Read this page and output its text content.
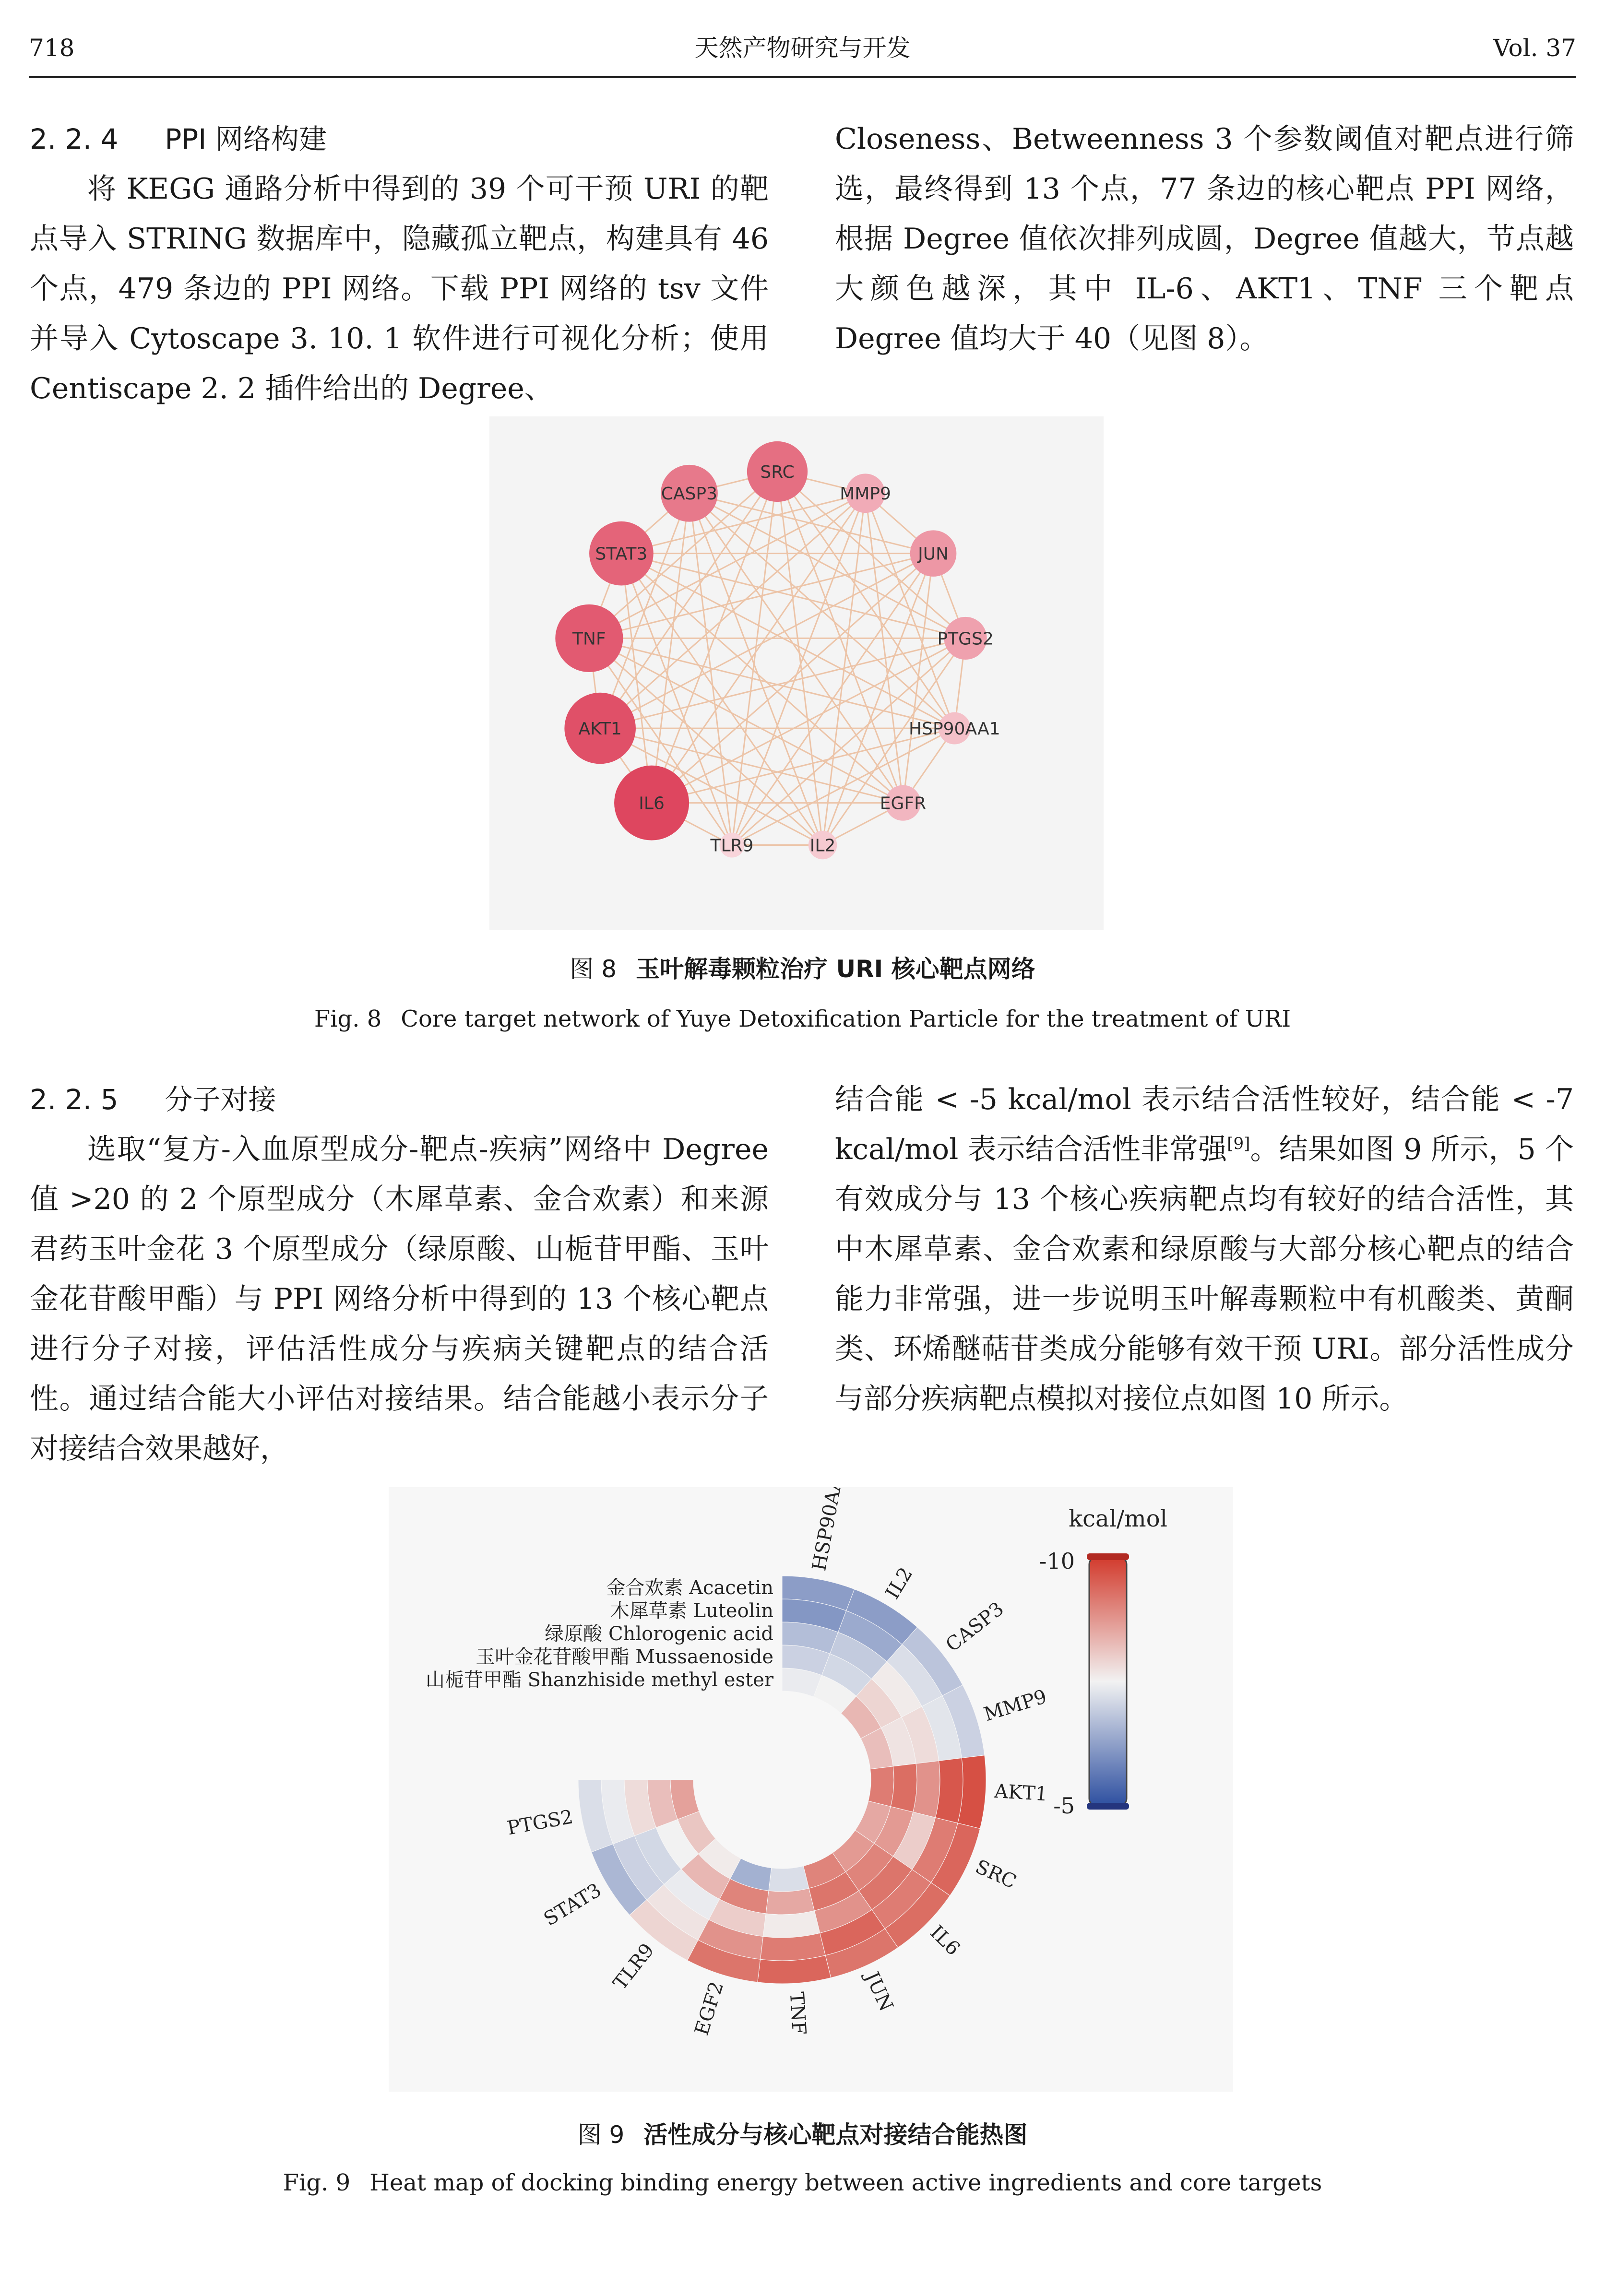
718	天然产物研究与开发	Vol. 37

2. 2. 4 PPI 网络构建

将 KEGG 通路分析中得到的 39 个可干预 URI 的靶点导入 STRING 数据库中，隐藏孤立靶点，构建具有 46 个点，479 条边的 PPI 网络。下载 PPI 网络的 tsv 文件并导入 Cytoscape 3. 10. 1 软件进行可视化分析；使用 Centiscape 2. 2 插件给出的 Degree、

Closeness、Betweenness 3 个参数阈值对靶点进行筛选，最终得到 13 个点，77 条边的核心靶点 PPI 网络，根据 Degree 值依次排列成圆，Degree 值越大，节点越大颜色越深，其中 IL-6、AKT1、TNF 三个靶点 Degree 值均大于 40（见图 8）。

SRC
MMP9
JUN
PTGS2
HSP90AA1
EGFR
IL2
TLR9
IL6
AKT1
TNF
STAT3
CASP3
图 8 玉叶解毒颗粒治疗 URI 核心靶点网络
Fig. 8 Core target network of Yuye Detoxification Particle for the treatment of URI

2. 2. 5 分子对接

选取“复方-入血原型成分-靶点-疾病”网络中 Degree 值 >20 的 2 个原型成分（木犀草素、金合欢素）和来源君药玉叶金花 3 个原型成分（绿原酸、山栀苷甲酯、玉叶金花苷酸甲酯）与 PPI 网络分析中得到的 13 个核心靶点进行分子对接，评估活性成分与疾病关键靶点的结合活性。通过结合能大小评估对接结果。结合能越小表示分子对接结合效果越好，

结合能 < -5 kcal/mol 表示结合活性较好，结合能 < -7 kcal/mol 表示结合活性非常强[9]。结果如图 9 所示，5 个有效成分与 13 个核心疾病靶点均有较好的结合活性，其中木犀草素、金合欢素和绿原酸与大部分核心靶点的结合能力非常强，进一步说明玉叶解毒颗粒中有机酸类、黄酮类、环烯醚萜苷类成分能够有效干预 URI。部分活性成分与部分疾病靶点模拟对接位点如图 10 所示。

HSP90AA1
IL2
CASP3
MMP9
AKT1
SRC
IL6
JUN
TNF
EGF2
TLR9
STAT3
PTGS2
金合欢素 Acacetin
木犀草素 Luteolin
绿原酸 Chlorogenic acid
玉叶金花苷酸甲酯 Mussaenoside
山栀苷甲酯 Shanzhiside methyl ester
kcal/mol
-10
-5
图 9 活性成分与核心靶点对接结合能热图
Fig. 9 Heat map of docking binding energy between active ingredients and core targets
